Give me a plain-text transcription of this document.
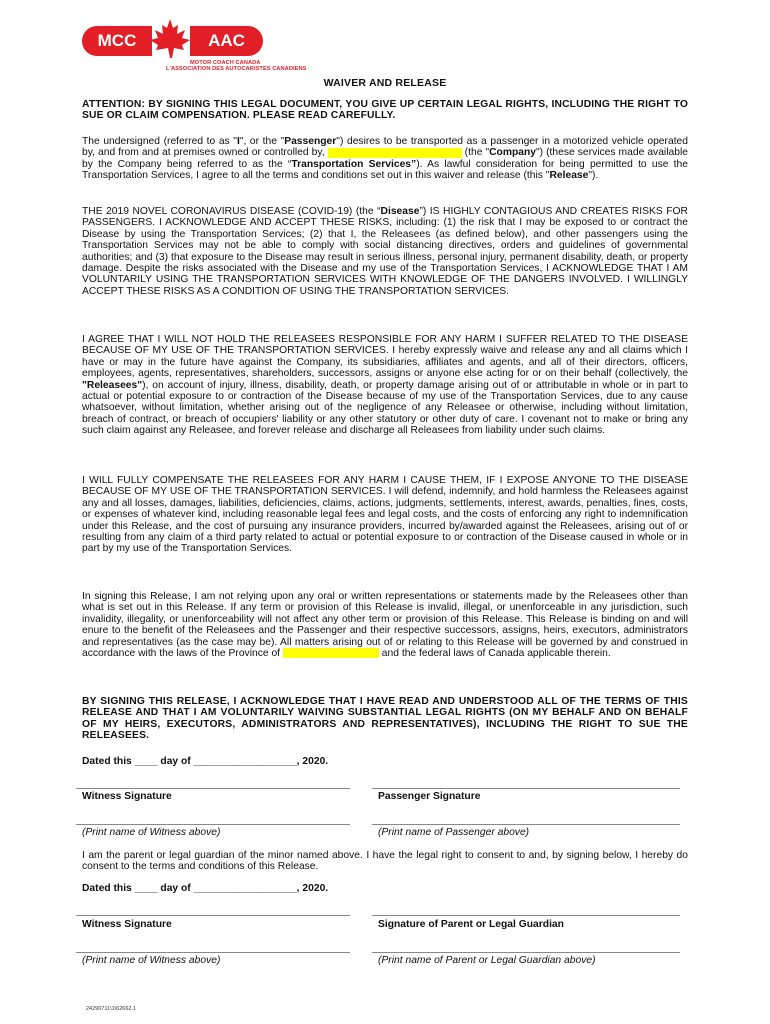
MCC	AAC
MOTOR COACH CANADA
L'ASSOCIATION DES AUTOCARISTES CANADIENS
WAIVER AND RELEASE
ATTENTION: BY SIGNING THIS LEGAL DOCUMENT, YOU GIVE UP CERTAIN LEGAL RIGHTS, INCLUDING THE RIGHT TO SUE OR CLAIM COMPENSATION. PLEASE READ CAREFULLY.
The undersigned (referred to as "I", or the "Passenger") desires to be transported as a passenger in a motorized vehicle operated by, and from and at premises owned or controlled by,	(the "Company") (these services made available by the Company being referred to as the “Transportation Services”). As lawful consideration for being permitted to use the Transportation Services, I agree to all the terms and conditions set out in this waiver and release (this "Release").
THE 2019 NOVEL CORONAVIRUS DISEASE (COVID-19) (the “Disease”) IS HIGHLY CONTAGIOUS AND CREATES RISKS FOR PASSENGERS. I ACKNOWLEDGE AND ACCEPT THESE RISKS, including: (1) the risk that I may be exposed to or contract the Disease by using the Transportation Services; (2) that I, the Releasees (as defined below), and other passengers using the Transportation Services may not be able to comply with social distancing directives, orders and guidelines of governmental authorities; and (3) that exposure to the Disease may result in serious illness, personal injury, permanent disability, death, or property damage. Despite the risks associated with the Disease and my use of the Transportation Services, I ACKNOWLEDGE THAT I AM VOLUNTARILY USING THE TRANSPORTATION SERVICES WITH KNOWLEDGE OF THE DANGERS INVOLVED. I WILLINGLY ACCEPT THESE RISKS AS A CONDITION OF USING THE TRANSPORTATION SERVICES.
I AGREE THAT I WILL NOT HOLD THE RELEASEES RESPONSIBLE FOR ANY HARM I SUFFER RELATED TO THE DISEASE BECAUSE OF MY USE OF THE TRANSPORTATION SERVICES. I hereby expressly waive and release any and all claims which I have or may in the future have against the Company, its subsidiaries, affiliates and agents, and all of their directors, officers, employees, agents, representatives, shareholders, successors, assigns or anyone else acting for or on their behalf (collectively, the "Releasees"), on account of injury, illness, disability, death, or property damage arising out of or attributable in whole or in part to actual or potential exposure to or contraction of the Disease because of my use of the Transportation Services, due to any cause whatsoever, without limitation, whether arising out of the negligence of any Releasee or otherwise, including without limitation, breach of contract, or breach of occupiers' liability or any other statutory or other duty of care. I covenant not to make or bring any such claim against any Releasee, and forever release and discharge all Releasees from liability under such claims.
I WILL FULLY COMPENSATE THE RELEASEES FOR ANY HARM I CAUSE THEM, IF I EXPOSE ANYONE TO THE DISEASE BECAUSE OF MY USE OF THE TRANSPORTATION SERVICES. I will defend, indemnify, and hold harmless the Releasees against any and all losses, damages, liabilities, deficiencies, claims, actions, judgments, settlements, interest, awards, penalties, fines, costs, or expenses of whatever kind, including reasonable legal fees and legal costs, and the costs of enforcing any right to indemnification under this Release, and the cost of pursuing any insurance providers, incurred by/awarded against the Releasees, arising out of or resulting from any claim of a third party related to actual or potential exposure to or contraction of the Disease caused in whole or in part by my use of the Transportation Services.
In signing this Release, I am not relying upon any oral or written representations or statements made by the Releasees other than what is set out in this Release. If any term or provision of this Release is invalid, illegal, or unenforceable in any jurisdiction, such invalidity, illegality, or unenforceability will not affect any other term or provision of this Release. This Release is binding on and will enure to the benefit of the Releasees and the Passenger and their respective successors, assigns, heirs, executors, administrators and representatives (as the case may be). All matters arising out of or relating to this Release will be governed by and construed in accordance with the laws of the Province of	and the federal laws of Canada applicable therein.
BY SIGNING THIS RELEASE, I ACKNOWLEDGE THAT I HAVE READ AND UNDERSTOOD ALL OF THE TERMS OF THIS RELEASE AND THAT I AM VOLUNTARILY WAIVING SUBSTANTIAL LEGAL RIGHTS (ON MY BEHALF AND ON BEHALF OF MY HEIRS, EXECUTORS, ADMINISTRATORS AND REPRESENTATIVES), INCLUDING THE RIGHT TO SUE THE RELEASEES.
Dated this ____ day of __________________, 2020.
Witness Signature	Passenger Signature
(Print name of Witness above)	(Print name of Passenger above)
I am the parent or legal guardian of the minor named above. I have the legal right to consent to and, by signing below, I hereby do consent to the terms and conditions of this Release.
Dated this ____ day of __________________, 2020.
Witness Signature	Signature of Parent or Legal Guardian
(Print name of Witness above)	(Print name of Parent or Legal Guardian above)
24290711\1\62662.1
